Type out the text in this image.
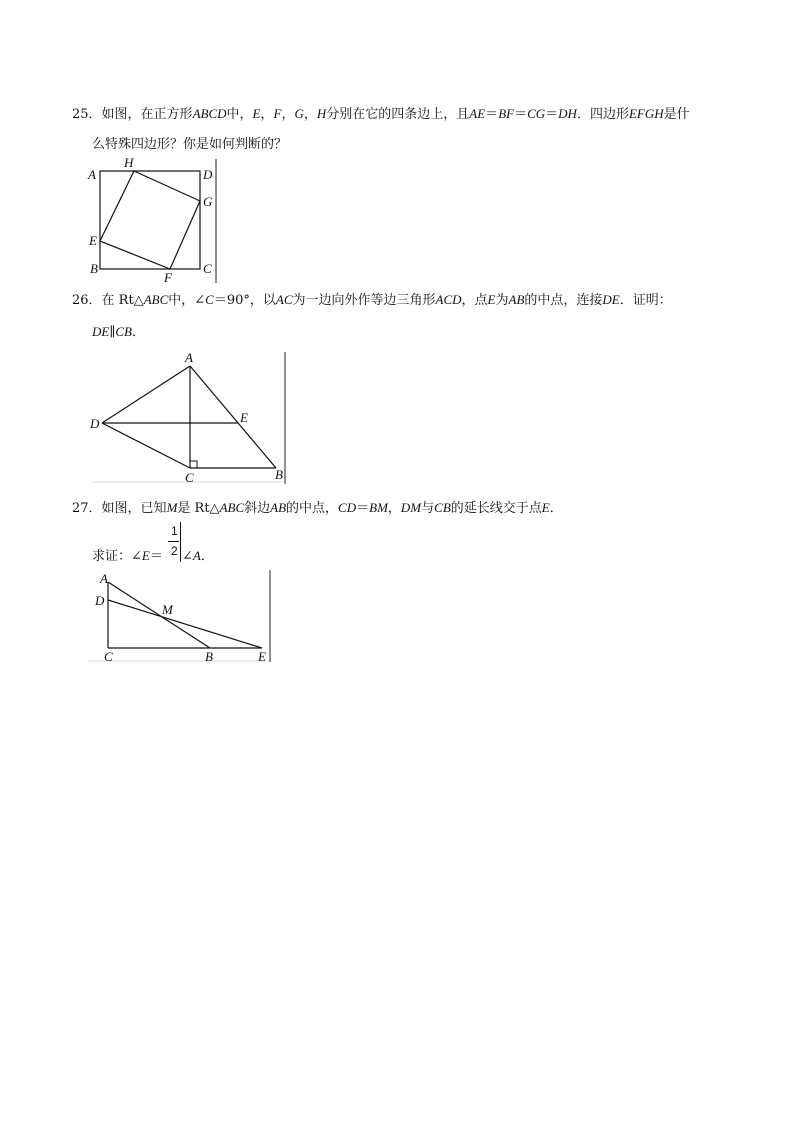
25．如图，在正方形ABCD中，E，F，G，H分别在它的四条边上，且AE＝BF＝CG＝DH．四边形EFGH是什
么特殊四边形？你是如何判断的？
A
H
D
G
E
B
F
C
26．在 Rt△ABC中，∠C＝90°，以AC为一边向外作等边三角形ACD，点E为AB的中点，连接DE．证明：
DE∥CB．
A
D	E
C	B
27．如图，已知M是 Rt△ABC斜边AB的中点，CD＝BM，DM与CB的延长线交于点E．
求证：∠E＝
1
2 ∠A．
A
D
M
C	B	E
